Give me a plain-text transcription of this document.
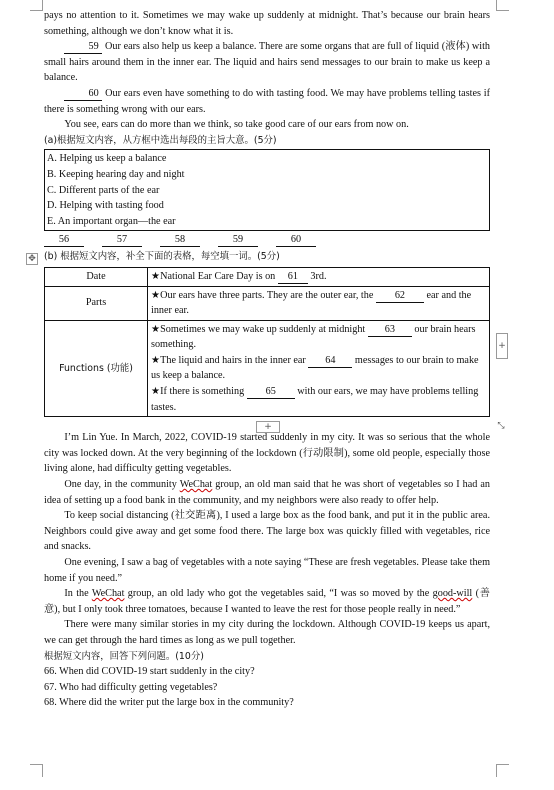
✥
+
+	⤡

pays no attention to it. Sometimes we may wake up suddenly at midnight. That’s because our brain hears something, although we don’t know what it is.

59 Our ears also help us keep a balance. There are some organs that are full of liquid (液体) with small hairs around them in the inner ear. The liquid and hairs send messages to our brain to make us keep a balance.

60 Our ears even have something to do with tasting food. We may have problems telling tastes if there is something wrong with our ears.

You see, ears can do more than we think, so take good care of our ears from now on.

(a)根据短文内容，从方框中选出每段的主旨大意。(5分)

A. Helping us keep a balance
B. Keeping hearing day and night
C. Different parts of the ear
D. Helping with tasting food
E. An important organ—the ear
56	57	58	59	60

(b) 根据短文内容，补全下面的表格，每空填一词。(5分)

Date	★National Ear Care Day is on 61 3rd.
Parts	★Our ears have three parts. They are the outer ear, the 62 ear and the inner ear.
Functions (功能)	★Sometimes we may wake up suddenly at midnight 63 our brain hears something.
★The liquid and hairs in the inner ear 64 messages to our brain to make us keep a balance.
★If there is something 65 with our ears, we may have problems telling tastes.

I’m Lin Yue. In March, 2022, COVID-19 started suddenly in my city. It was so serious that the whole city was locked down. At the very beginning of the lockdown (行动限制), some old people, especially those living alone, had difficulty getting vegetables.

One day, in the community WeChat group, an old man said that he was short of vegetables so I had an idea of setting up a food bank in the community, and my neighbors were also ready to offer help.

To keep social distancing (社交距离), I used a large box as the food bank, and put it in the public area. Neighbors could give away and get some food there. The large box was quickly filled with vegetables, rice and snacks.

One evening, I saw a bag of vegetables with a note saying “These are fresh vegetables. Please take them home if you need.”

In the WeChat group, an old lady who got the vegetables said, “I was so moved by the good-will (善意), but I only took three tomatoes, because I wanted to leave the rest for those people really in need.”

There were many similar stories in my city during the lockdown. Although COVID-19 keeps us apart, we can get through the hard times as long as we pull together.

根据短文内容，回答下列问题。(10分)

66. When did COVID-19 start suddenly in the city?

67. Who had difficulty getting vegetables?

68. Where did the writer put the large box in the community?
